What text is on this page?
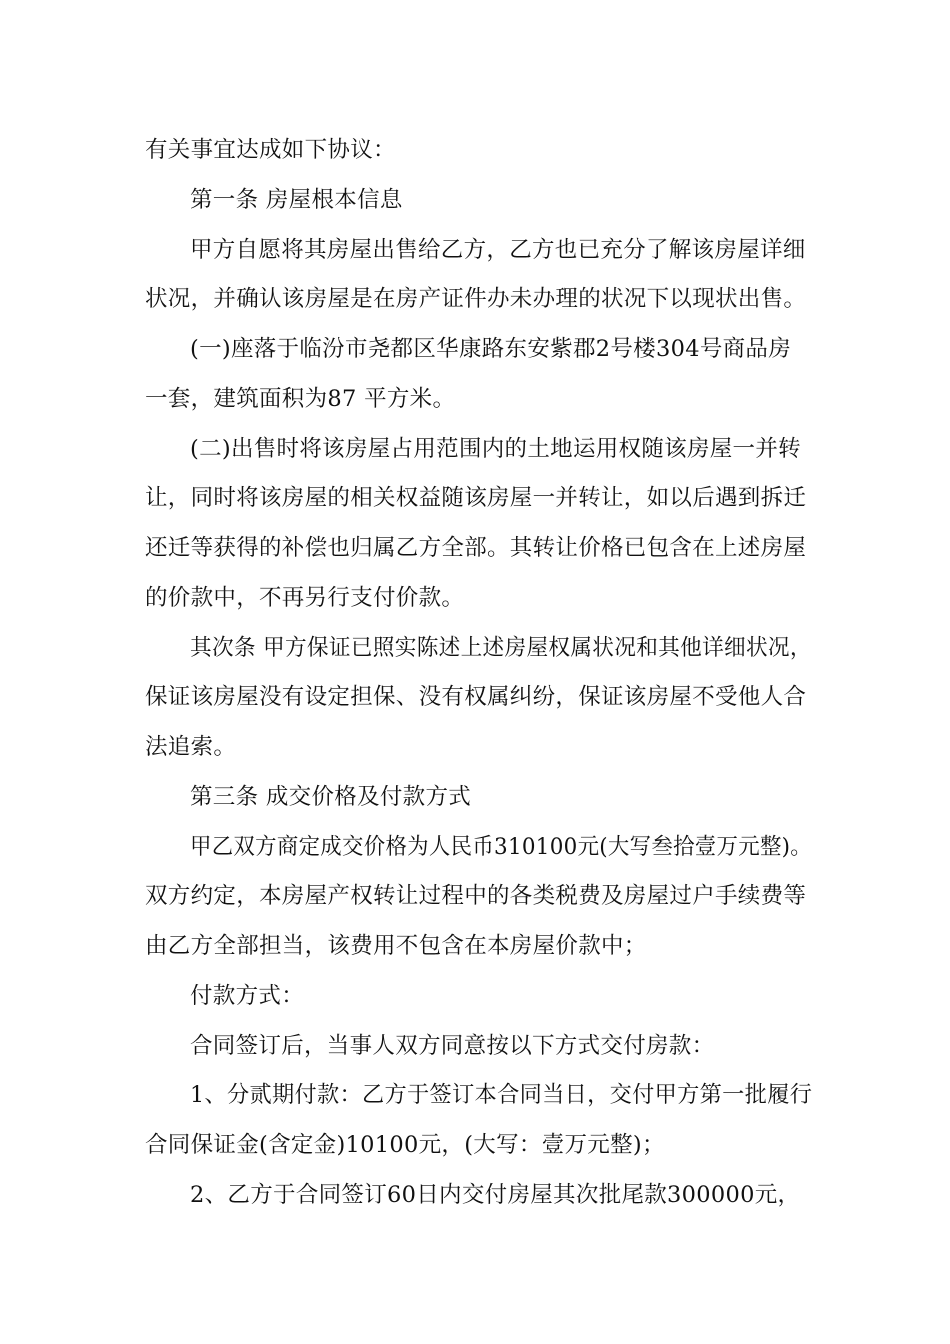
有关事宜达成如下协议：
第一条 房屋根本信息
甲方自愿将其房屋出售给乙方，乙方也已充分了解该房屋详细
状况，并确认该房屋是在房产证件办未办理的状况下以现状出售。
(一)座落于临汾市尧都区华康路东安紫郡2号楼304号商品房
一套，建筑面积为87 平方米。
(二)出售时将该房屋占用范围内的土地运用权随该房屋一并转
让，同时将该房屋的相关权益随该房屋一并转让，如以后遇到拆迁
还迁等获得的补偿也归属乙方全部。其转让价格已包含在上述房屋
的价款中，不再另行支付价款。
其次条 甲方保证已照实陈述上述房屋权属状况和其他详细状况，
保证该房屋没有设定担保、没有权属纠纷，保证该房屋不受他人合
法追索。
第三条 成交价格及付款方式
甲乙双方商定成交价格为人民币310100元(大写叁拾壹万元整)。
双方约定，本房屋产权转让过程中的各类税费及房屋过户手续费等
由乙方全部担当，该费用不包含在本房屋价款中；
付款方式：
合同签订后，当事人双方同意按以下方式交付房款：
1、分贰期付款：乙方于签订本合同当日，交付甲方第一批履行
合同保证金(含定金)10100元，(大写：壹万元整)；
2、乙方于合同签订60日内交付房屋其次批尾款300000元，
